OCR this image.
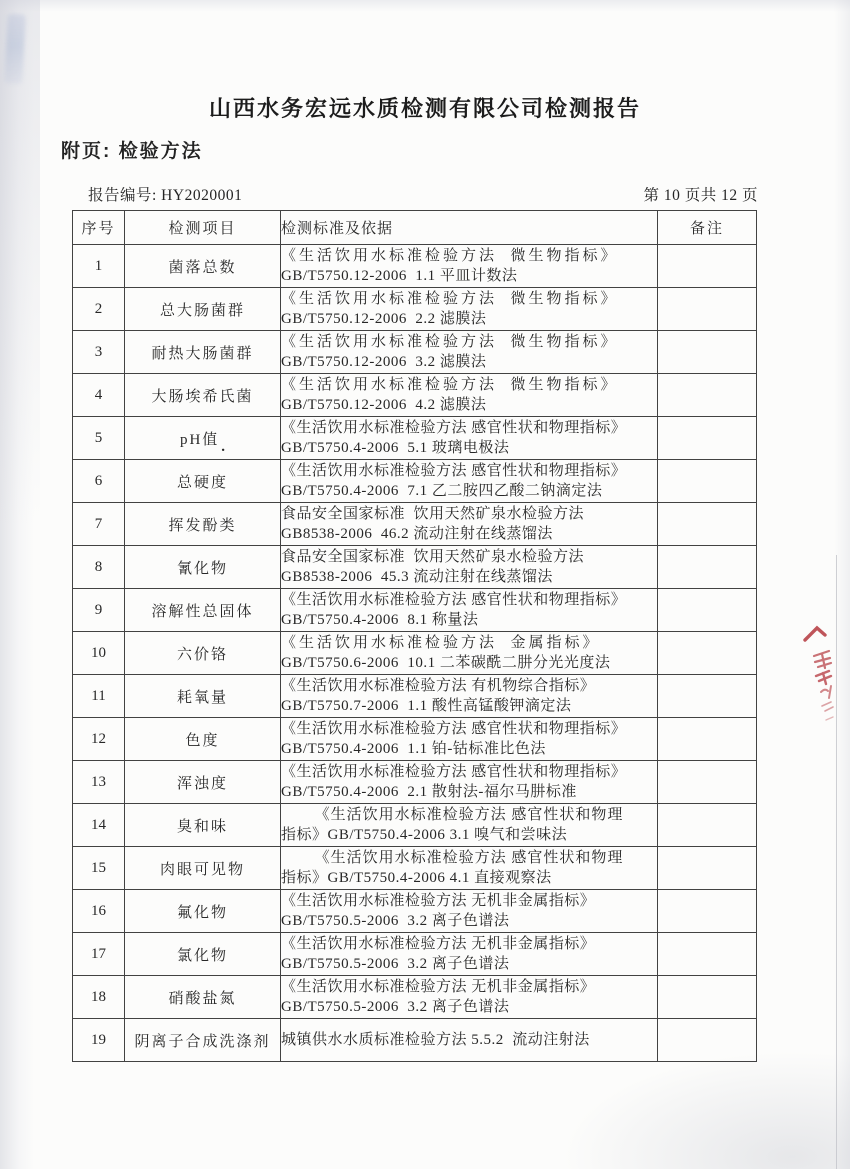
山西水务宏远水质检测有限公司检测报告
附页: 检验方法
报告编号: HY2020001	第 10 页共 12 页
序号	检测项目	检测标准及依据	备注
1	菌落总数	《生活饮用水标准检验方法  微生物指标》
GB/T5750.12-2006  1.1 平皿计数法	

2	总大肠菌群	《生活饮用水标准检验方法  微生物指标》
GB/T5750.12-2006  2.2 滤膜法	

3	耐热大肠菌群	《生活饮用水标准检验方法  微生物指标》
GB/T5750.12-2006  3.2 滤膜法	

4	大肠埃希氏菌	《生活饮用水标准检验方法  微生物指标》
GB/T5750.12-2006  4.2 滤膜法	

5	pH值 .	《生活饮用水标准检验方法 感官性状和物理指标》
GB/T5750.4-2006  5.1 玻璃电极法	

6	总硬度	《生活饮用水标准检验方法 感官性状和物理指标》
GB/T5750.4-2006  7.1 乙二胺四乙酸二钠滴定法	

7	挥发酚类	食品安全国家标准  饮用天然矿泉水检验方法
GB8538-2006  46.2 流动注射在线蒸馏法	

8	氰化物	食品安全国家标准  饮用天然矿泉水检验方法
GB8538-2006  45.3 流动注射在线蒸馏法	

9	溶解性总固体	《生活饮用水标准检验方法 感官性状和物理指标》
GB/T5750.4-2006  8.1 称量法	

10	六价铬	《生活饮用水标准检验方法  金属指标》
GB/T5750.6-2006  10.1 二苯碳酰二肼分光光度法	

11	耗氧量	《生活饮用水标准检验方法 有机物综合指标》
GB/T5750.7-2006  1.1 酸性高锰酸钾滴定法	

12	色度	《生活饮用水标准检验方法 感官性状和物理指标》
GB/T5750.4-2006  1.1 铂-钴标准比色法	

13	浑浊度	《生活饮用水标准检验方法 感官性状和物理指标》
GB/T5750.4-2006  2.1 散射法-福尔马肼标准	

14	臭和味	《生活饮用水标准检验方法 感官性状和物理
指标》GB/T5750.4-2006 3.1 嗅气和尝味法	

15	肉眼可见物	《生活饮用水标准检验方法 感官性状和物理
指标》GB/T5750.4-2006 4.1 直接观察法	

16	氟化物	《生活饮用水标准检验方法 无机非金属指标》
GB/T5750.5-2006  3.2 离子色谱法	

17	氯化物	《生活饮用水标准检验方法 无机非金属指标》
GB/T5750.5-2006  3.2 离子色谱法	

18	硝酸盐氮	《生活饮用水标准检验方法 无机非金属指标》
GB/T5750.5-2006  3.2 离子色谱法	

19	阴离子合成洗涤剂	城镇供水水质标准检验方法 5.5.2  流动注射法	
